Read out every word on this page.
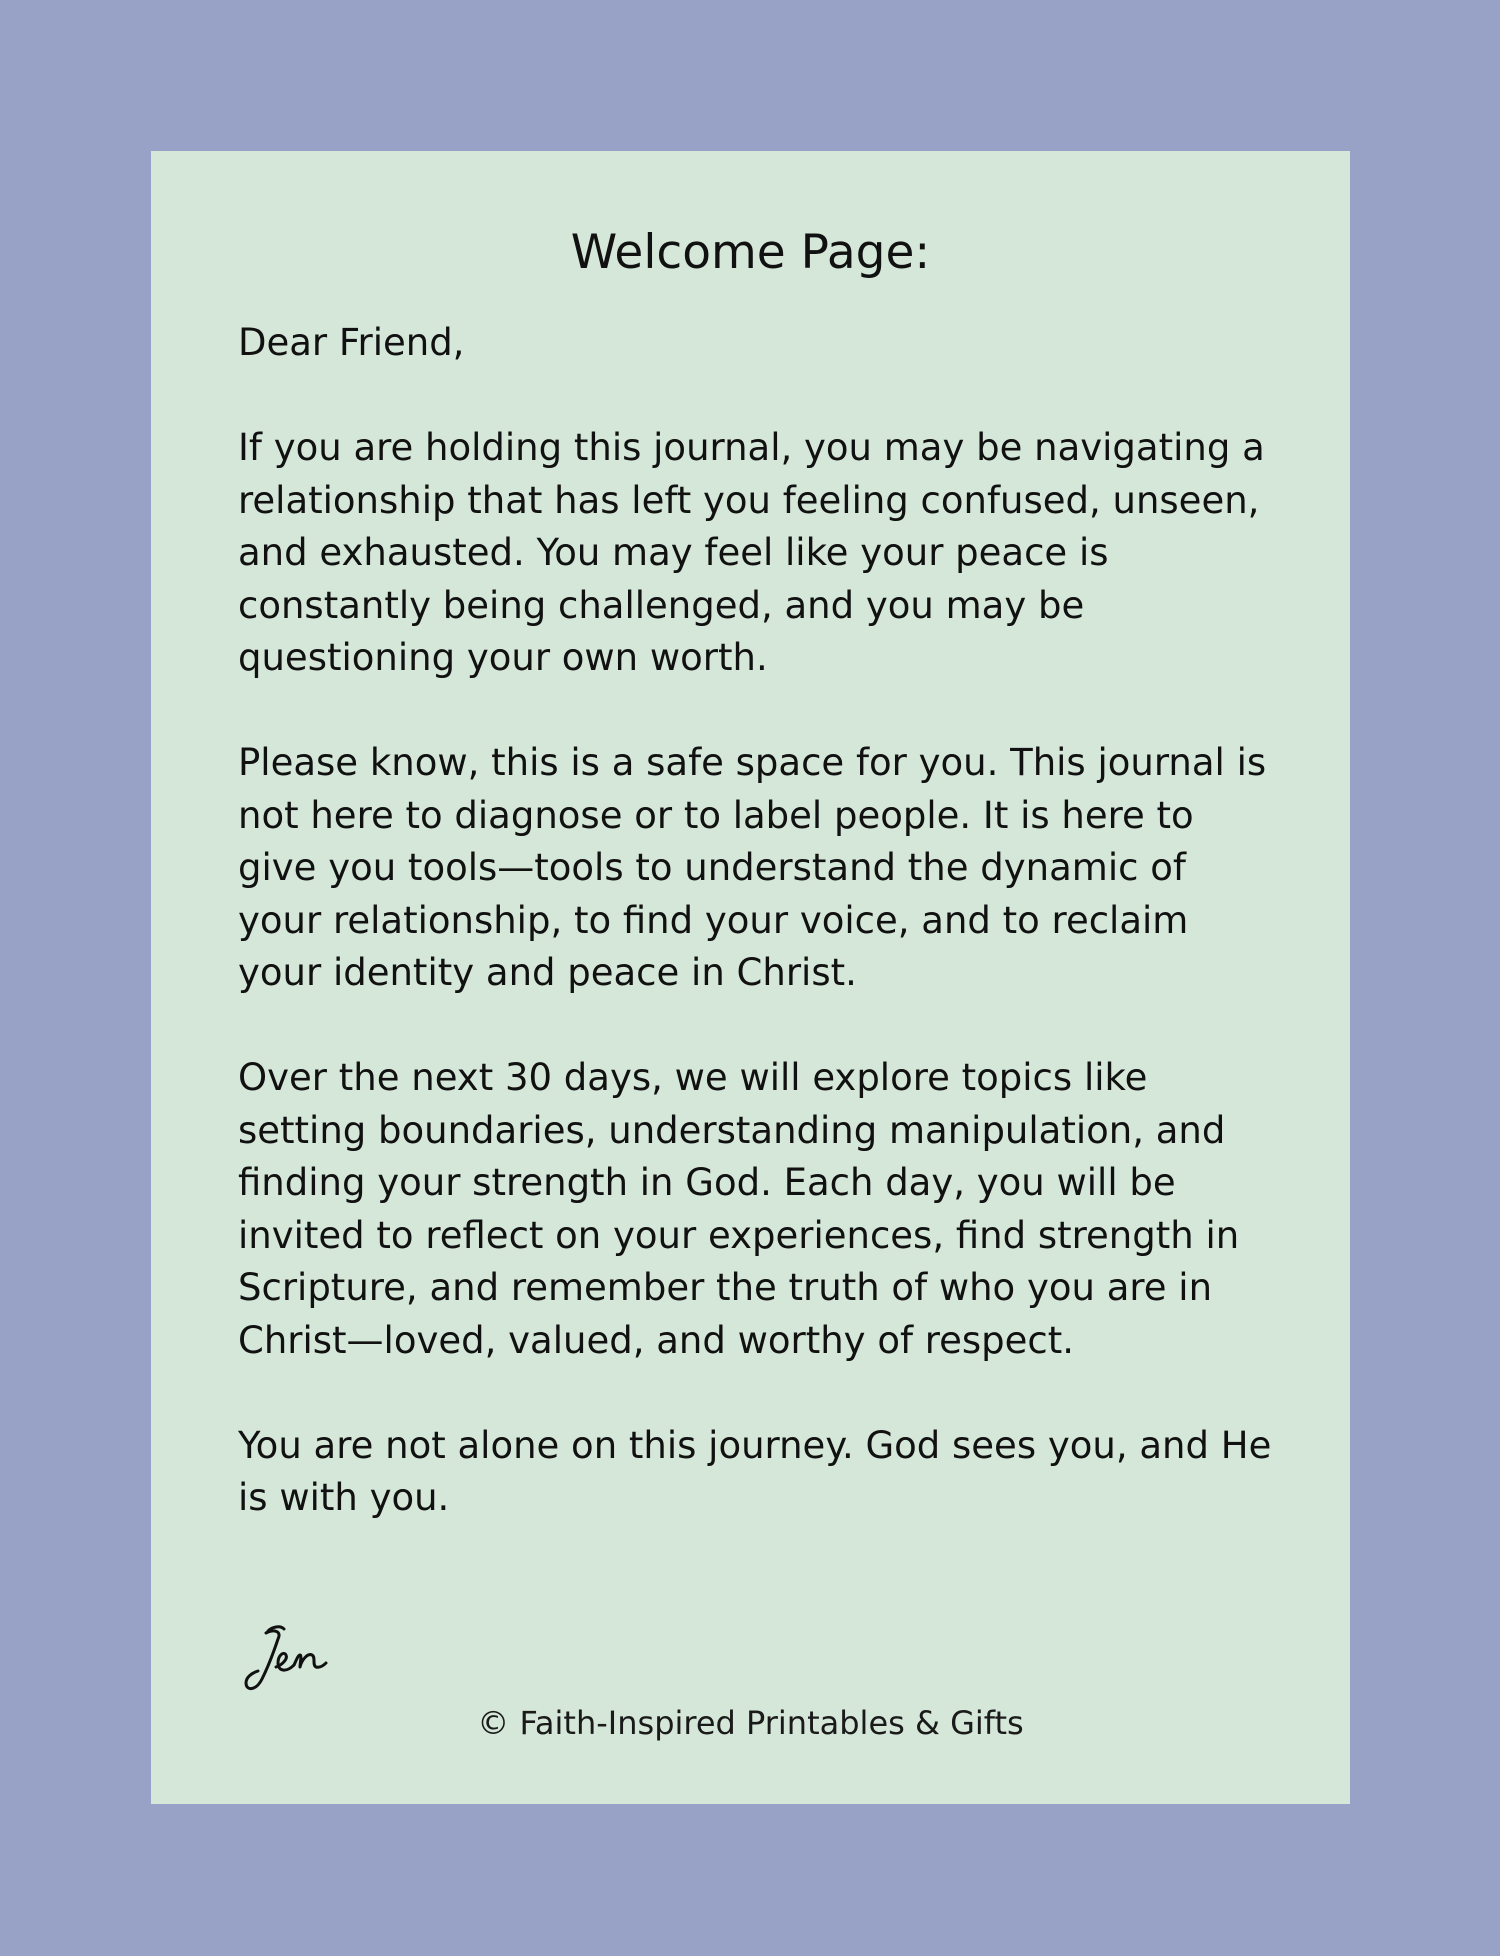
Welcome Page:

Dear Friend,

If you are holding this journal, you may be navigating a relationship that has left you feeling confused, unseen, and exhausted. You may feel like your peace is constantly being challenged, and you may be questioning your own worth.

Please know, this is a safe space for you. This journal is not here to diagnose or to label people. It is here to give you tools—tools to understand the dynamic of your relationship, to find your voice, and to reclaim your identity and peace in Christ.

Over the next 30 days, we will explore topics like setting boundaries, understanding manipulation, and finding your strength in God. Each day, you will be invited to reflect on your experiences, find strength in Scripture, and remember the truth of who you are in Christ—loved, valued, and worthy of respect.

You are not alone on this journey. God sees you, and He is with you.

© Faith-Inspired Printables & Gifts
